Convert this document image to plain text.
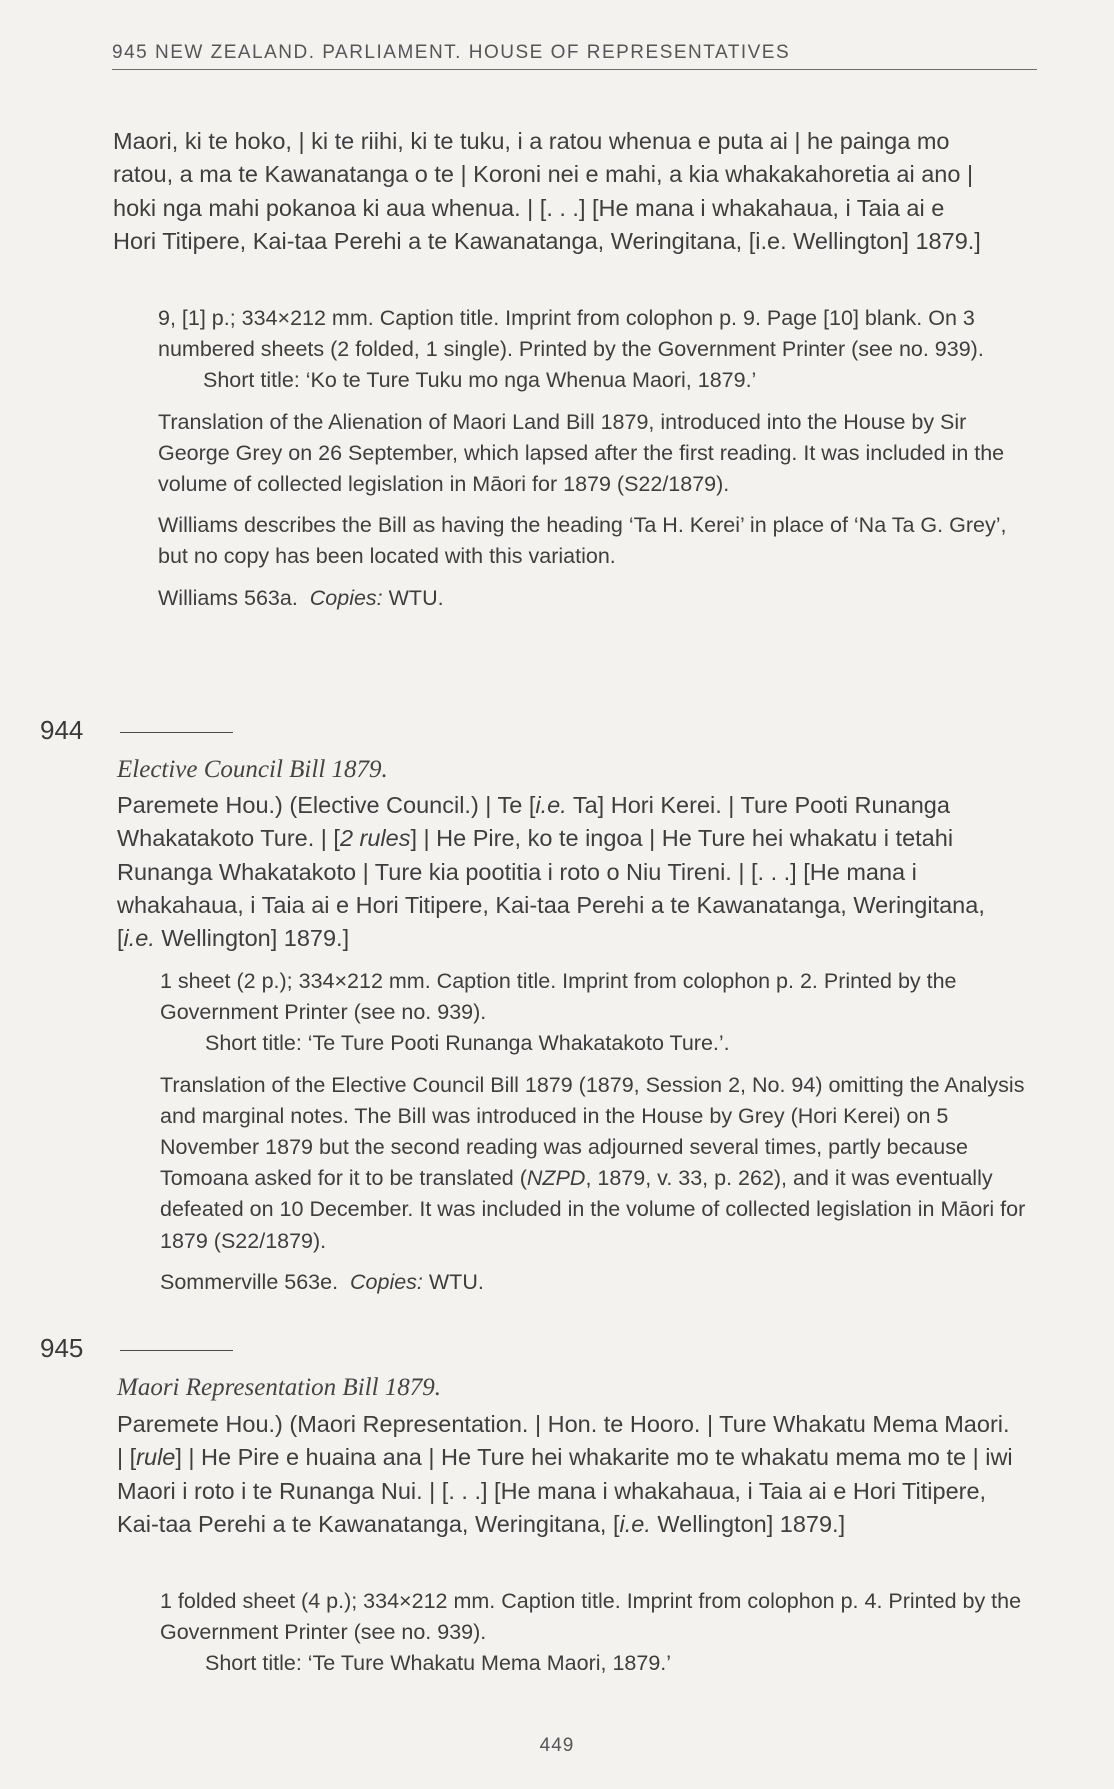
945 NEW ZEALAND. PARLIAMENT. HOUSE OF REPRESENTATIVES

Maori, ki te hoko, | ki te riihi, ki te tuku, i a ratou whenua e puta ai | he painga mo ratou, a ma te Kawanatanga o te | Koroni nei e mahi, a kia whakakahoretia ai ano | hoki nga mahi pokanoa ki aua whenua. | [. . .] [He mana i whakahaua, i Taia ai e Hori Titipere, Kai-taa Perehi a te Kawanatanga, Weringitana, [i.e. Wellington] 1879.]

9, [1] p.; 334×212 mm. Caption title. Imprint from colophon p. 9. Page [10] blank. On 3 numbered sheets (2 folded, 1 single). Printed by the Government Printer (see no. 939).

Short title: ‘Ko te Ture Tuku mo nga Whenua Maori, 1879.’

Translation of the Alienation of Maori Land Bill 1879, introduced into the House by Sir George Grey on 26 September, which lapsed after the first reading. It was included in the volume of collected legislation in Māori for 1879 (S22/1879).

Williams describes the Bill as having the heading ‘Ta H. Kerei’ in place of ‘Na Ta G. Grey’, but no copy has been located with this variation.

Williams 563a. Copies: WTU.

944
Elective Council Bill 1879.

Paremete Hou.) (Elective Council.) | Te [i.e. Ta] Hori Kerei. | Ture Pooti Runanga Whakatakoto Ture. | [2 rules] | He Pire, ko te ingoa | He Ture hei whakatu i tetahi Runanga Whakatakoto | Ture kia pootitia i roto o Niu Tireni. | [. . .] [He mana i whakahaua, i Taia ai e Hori Titipere, Kai-taa Perehi a te Kawanatanga, Weringitana, [i.e. Wellington] 1879.]

1 sheet (2 p.); 334×212 mm. Caption title. Imprint from colophon p. 2. Printed by the Government Printer (see no. 939).

Short title: ‘Te Ture Pooti Runanga Whakatakoto Ture.’.

Translation of the Elective Council Bill 1879 (1879, Session 2, No. 94) omitting the Analysis and marginal notes. The Bill was introduced in the House by Grey (Hori Kerei) on 5 November 1879 but the second reading was adjourned several times, partly because Tomoana asked for it to be translated (NZPD, 1879, v. 33, p. 262), and it was eventually defeated on 10 December. It was included in the volume of collected legislation in Māori for 1879 (S22/1879).

Sommerville 563e. Copies: WTU.

945
Maori Representation Bill 1879.

Paremete Hou.) (Maori Representation. | Hon. te Hooro. | Ture Whakatu Mema Maori. | [rule] | He Pire e huaina ana | He Ture hei whakarite mo te whakatu mema mo te | iwi Maori i roto i te Runanga Nui. | [. . .] [He mana i whakahaua, i Taia ai e Hori Titipere, Kai-taa Perehi a te Kawanatanga, Weringitana, [i.e. Wellington] 1879.]

1 folded sheet (4 p.); 334×212 mm. Caption title. Imprint from colophon p. 4. Printed by the Government Printer (see no. 939).

Short title: ‘Te Ture Whakatu Mema Maori, 1879.’

449
